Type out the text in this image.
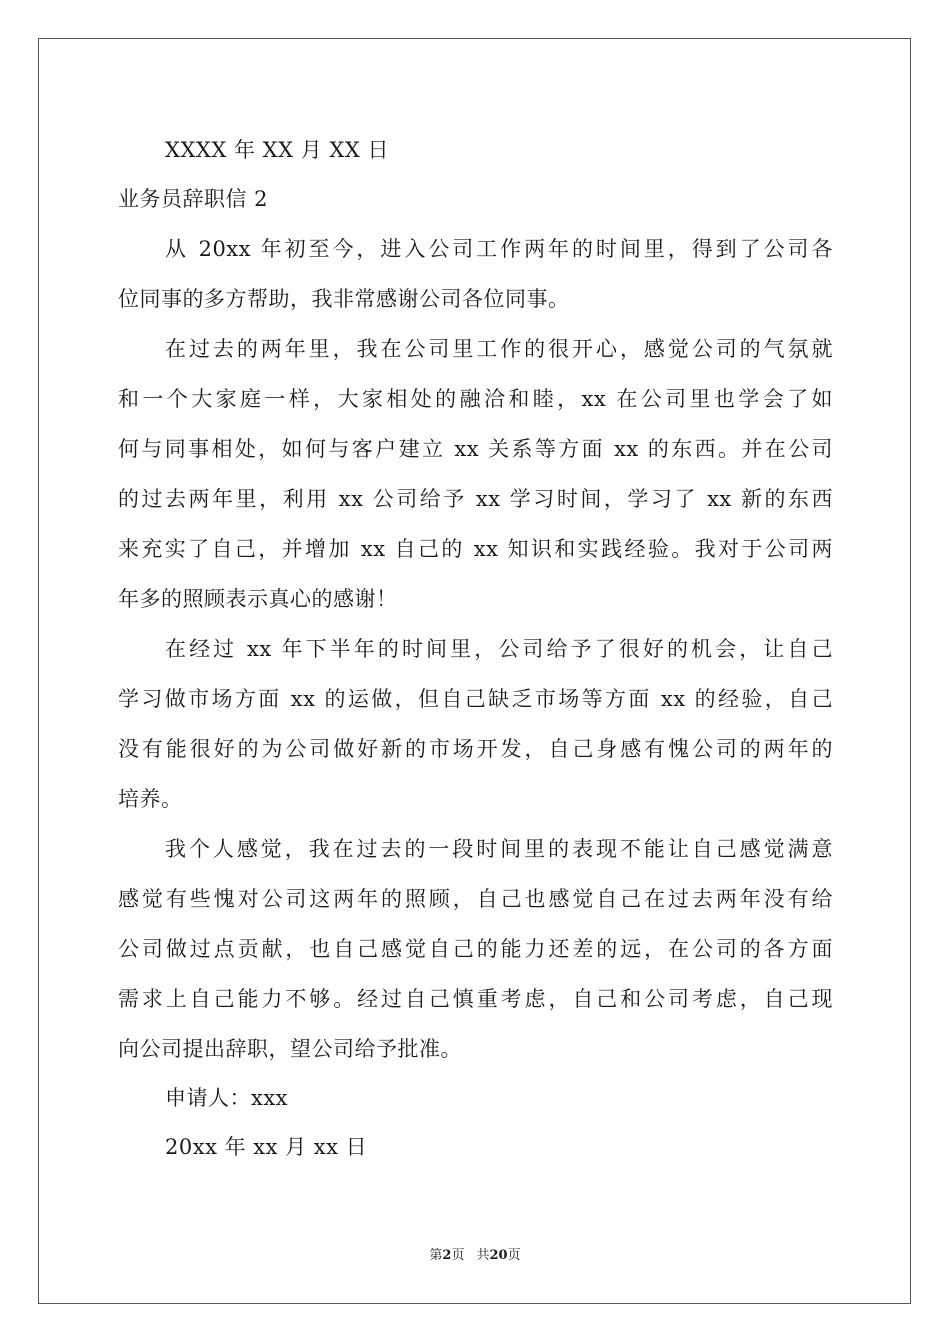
XXXX 年 XX 月 XX 日
业务员辞职信 2
从 20xx 年初至今，进入公司工作两年的时间里，得到了公司各
位同事的多方帮助，我非常感谢公司各位同事。
在过去的两年里，我在公司里工作的很开心，感觉公司的气氛就
和一个大家庭一样，大家相处的融洽和睦，xx 在公司里也学会了如
何与同事相处，如何与客户建立 xx 关系等方面 xx 的东西。并在公司
的过去两年里，利用 xx 公司给予 xx 学习时间，学习了 xx 新的东西
来充实了自己，并增加 xx 自己的 xx 知识和实践经验。我对于公司两
年多的照顾表示真心的感谢！
在经过 xx 年下半年的时间里，公司给予了很好的机会，让自己
学习做市场方面 xx 的运做，但自己缺乏市场等方面 xx 的经验，自己
没有能很好的为公司做好新的市场开发，自己身感有愧公司的两年的
培养。
我个人感觉，我在过去的一段时间里的表现不能让自己感觉满意
感觉有些愧对公司这两年的照顾，自己也感觉自己在过去两年没有给
公司做过点贡献，也自己感觉自己的能力还差的远，在公司的各方面
需求上自己能力不够。经过自己慎重考虑，自己和公司考虑，自己现
向公司提出辞职，望公司给予批准。
申请人：xxx
20xx 年 xx 月 xx 日
第2页 共20页
